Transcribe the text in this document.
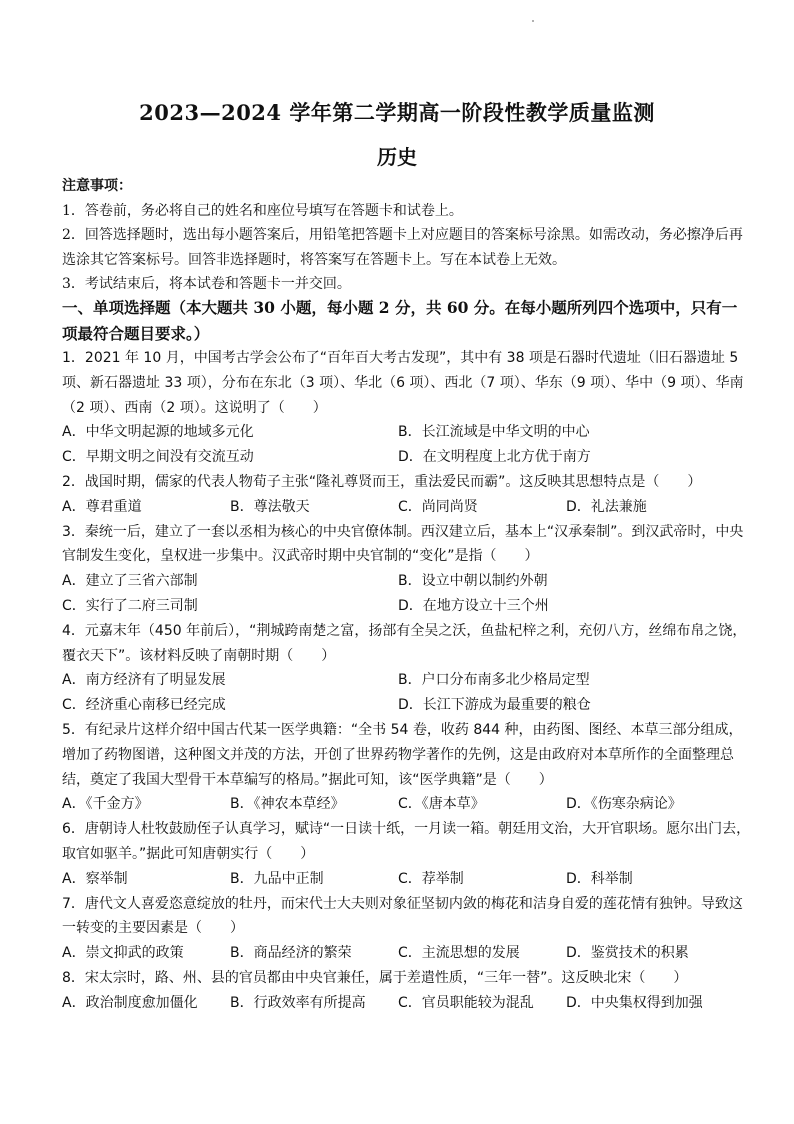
2023—2024 学年第二学期高一阶段性教学质量监测
历史
注意事项：
1．答卷前，务必将自己的姓名和座位号填写在答题卡和试卷上。
2．回答选择题时，选出每小题答案后，用铅笔把答题卡上对应题目的答案标号涂黑。如需改动，务必擦净后再选涂其它答案标号。回答非选择题时，将答案写在答题卡上。写在本试卷上无效。
3．考试结束后，将本试卷和答题卡一并交回。
一、单项选择题（本大题共 30 小题，每小题 2 分，共 60 分。在每小题所列四个选项中，只有一项最符合题目要求。）

1．2021 年 10 月，中国考古学会公布了“百年百大考古发现”，其中有 38 项是石器时代遗址（旧石器遗址 5 项、新石器遗址 33 项），分布在东北（3 项）、华北（6 项）、西北（7 项）、华东（9 项）、华中（9 项）、华南（2 项）、西南（2 项）。这说明了（　　）

A．中华文明起源的地域多元化	B．长江流域是中华文明的中心
C．早期文明之间没有交流互动	D．在文明程度上北方优于南方

2．战国时期，儒家的代表人物荀子主张“隆礼尊贤而王，重法爱民而霸”。这反映其思想特点是（　　）

A．尊君重道	B．尊法敬天	C．尚同尚贤	D．礼法兼施

3．秦统一后，建立了一套以丞相为核心的中央官僚体制。西汉建立后，基本上“汉承秦制”。到汉武帝时，中央官制发生变化，皇权进一步集中。汉武帝时期中央官制的“变化”是指（　　）

A．建立了三省六部制	B．设立中朝以制约外朝
C．实行了二府三司制	D．在地方设立十三个州

4．元嘉末年（450 年前后），“荆城跨南楚之富，扬部有全吴之沃，鱼盐杞梓之利，充仞八方，丝绵布帛之饶，覆衣天下”。该材料反映了南朝时期（　　）

A．南方经济有了明显发展	B．户口分布南多北少格局定型
C．经济重心南移已经完成	D．长江下游成为最重要的粮仓

5．有纪录片这样介绍中国古代某一医学典籍：“全书 54 卷，收药 844 种，由药图、图经、本草三部分组成，增加了药物图谱，这种图文并茂的方法，开创了世界药物学著作的先例，这是由政府对本草所作的全面整理总结，奠定了我国大型骨干本草编写的格局。”据此可知，该“医学典籍”是（　　）

A．《千金方》	B．《神农本草经》	C．《唐本草》	D．《伤寒杂病论》

6．唐朝诗人杜牧鼓励侄子认真学习，赋诗“一日读十纸，一月读一箱。朝廷用文治，大开官职场。愿尔出门去，取官如驱羊。”据此可知唐朝实行（　　）

A．察举制	B．九品中正制	C．荐举制	D．科举制

7．唐代文人喜爱恣意绽放的牡丹，而宋代士大夫则对象征坚韧内敛的梅花和洁身自爱的莲花情有独钟。导致这一转变的主要因素是（　　）

A．崇文抑武的政策	B．商品经济的繁荣	C．主流思想的发展	D．鉴赏技术的积累

8．宋太宗时，路、州、县的官员都由中央官兼任，属于差遣性质，“三年一替”。这反映北宋（　　）

A．政治制度愈加僵化	B．行政效率有所提高	C．官员职能较为混乱	D．中央集权得到加强
